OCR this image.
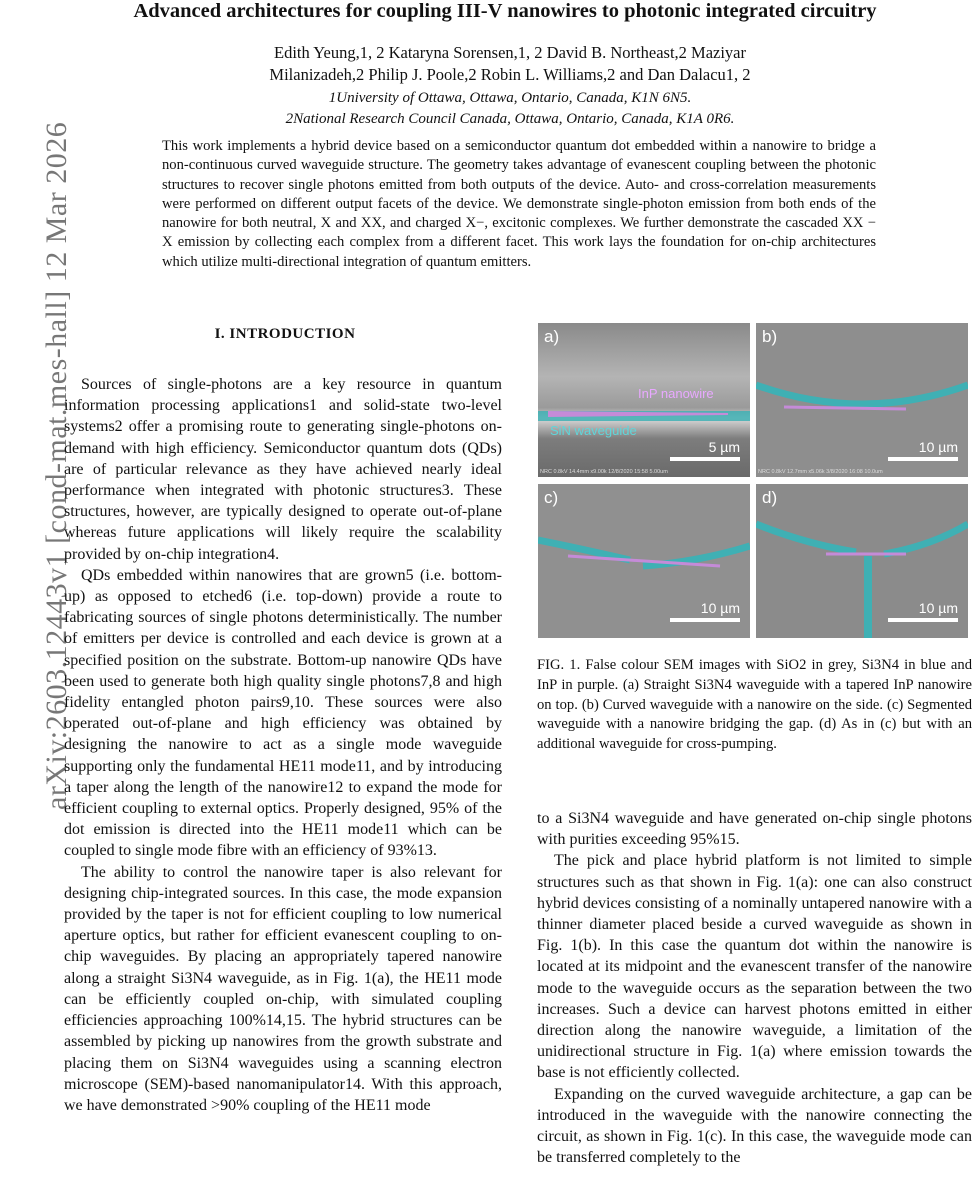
arXiv:2603.12443v1 [cond-mat.mes-hall] 12 Mar 2026
Advanced architectures for coupling III-V nanowires to photonic integrated circuitry
Edith Yeung,1, 2 Kataryna Sorensen,1, 2 David B. Northeast,2 Maziyar
Milanizadeh,2 Philip J. Poole,2 Robin L. Williams,2 and Dan Dalacu1, 2
1University of Ottawa, Ottawa, Ontario, Canada, K1N 6N5.
2National Research Council Canada, Ottawa, Ontario, Canada, K1A 0R6.
This work implements a hybrid device based on a semiconductor quantum dot embedded within a nanowire to bridge a non-continuous curved waveguide structure. The geometry takes advantage of evanescent coupling between the photonic structures to recover single photons emitted from both outputs of the device. Auto- and cross-correlation measurements were performed on different output facets of the device. We demonstrate single-photon emission from both ends of the nanowire for both neutral, X and XX, and charged X−, excitonic complexes. We further demonstrate the cascaded XX − X emission by collecting each complex from a different facet. This work lays the foundation for on-chip architectures which utilize multi-directional integration of quantum emitters.
I. INTRODUCTION

Sources of single-photons are a key resource in quantum information processing applications1 and solid-state two-level systems2 offer a promising route to generating single-photons on-demand with high efficiency. Semiconductor quantum dots (QDs) are of particular relevance as they have achieved nearly ideal performance when integrated with photonic structures3. These structures, however, are typically designed to operate out-of-plane whereas future applications will likely require the scalability provided by on-chip integration4.

QDs embedded within nanowires that are grown5 (i.e. bottom-up) as opposed to etched6 (i.e. top-down) provide a route to fabricating sources of single photons deterministically. The number of emitters per device is controlled and each device is grown at a specified position on the substrate. Bottom-up nanowire QDs have been used to generate both high quality single photons7,8 and high fidelity entangled photon pairs9,10. These sources were also operated out-of-plane and high efficiency was obtained by designing the nanowire to act as a single mode waveguide supporting only the fundamental HE11 mode11, and by introducing a taper along the length of the nanowire12 to expand the mode for efficient coupling to external optics. Properly designed, 95% of the dot emission is directed into the HE11 mode11 which can be coupled to single mode fibre with an efficiency of 93%13.

The ability to control the nanowire taper is also relevant for designing chip-integrated sources. In this case, the mode expansion provided by the taper is not for efficient coupling to low numerical aperture optics, but rather for efficient evanescent coupling to on-chip waveguides. By placing an appropriately tapered nanowire along a straight Si3N4 waveguide, as in Fig. 1(a), the HE11 mode can be efficiently coupled on-chip, with simulated coupling efficiencies approaching 100%14,15. The hybrid structures can be assembled by picking up nanowires from the growth substrate and placing them on Si3N4 waveguides using a scanning electron microscope (SEM)-based nanomanipulator14. With this approach, we have demonstrated >90% coupling of the HE11 mode

a)
InP nanowire
SiN waveguide
5 µm
NRC 0.8kV 14.4mm x9.00k 12/8/2020 15:58 5.00um
b)
10 µm
NRC 0.8kV 12.7mm x5.06k 3/8/2020 16:08 10.0um
c)
10 µm
d)
10 µm
FIG. 1. False colour SEM images with SiO2 in grey, Si3N4 in blue and InP in purple. (a) Straight Si3N4 waveguide with a tapered InP nanowire on top. (b) Curved waveguide with a nanowire on the side. (c) Segmented waveguide with a nanowire bridging the gap. (d) As in (c) but with an additional waveguide for cross-pumping.

to a Si3N4 waveguide and have generated on-chip single photons with purities exceeding 95%15.

The pick and place hybrid platform is not limited to simple structures such as that shown in Fig. 1(a): one can also construct hybrid devices consisting of a nominally untapered nanowire with a thinner diameter placed beside a curved waveguide as shown in Fig. 1(b). In this case the quantum dot within the nanowire is located at its midpoint and the evanescent transfer of the nanowire mode to the waveguide occurs as the separation between the two increases. Such a device can harvest photons emitted in either direction along the nanowire waveguide, a limitation of the unidirectional structure in Fig. 1(a) where emission towards the base is not efficiently collected.

Expanding on the curved waveguide architecture, a gap can be introduced in the waveguide with the nanowire connecting the circuit, as shown in Fig. 1(c). In this case, the waveguide mode can be transferred completely to the
